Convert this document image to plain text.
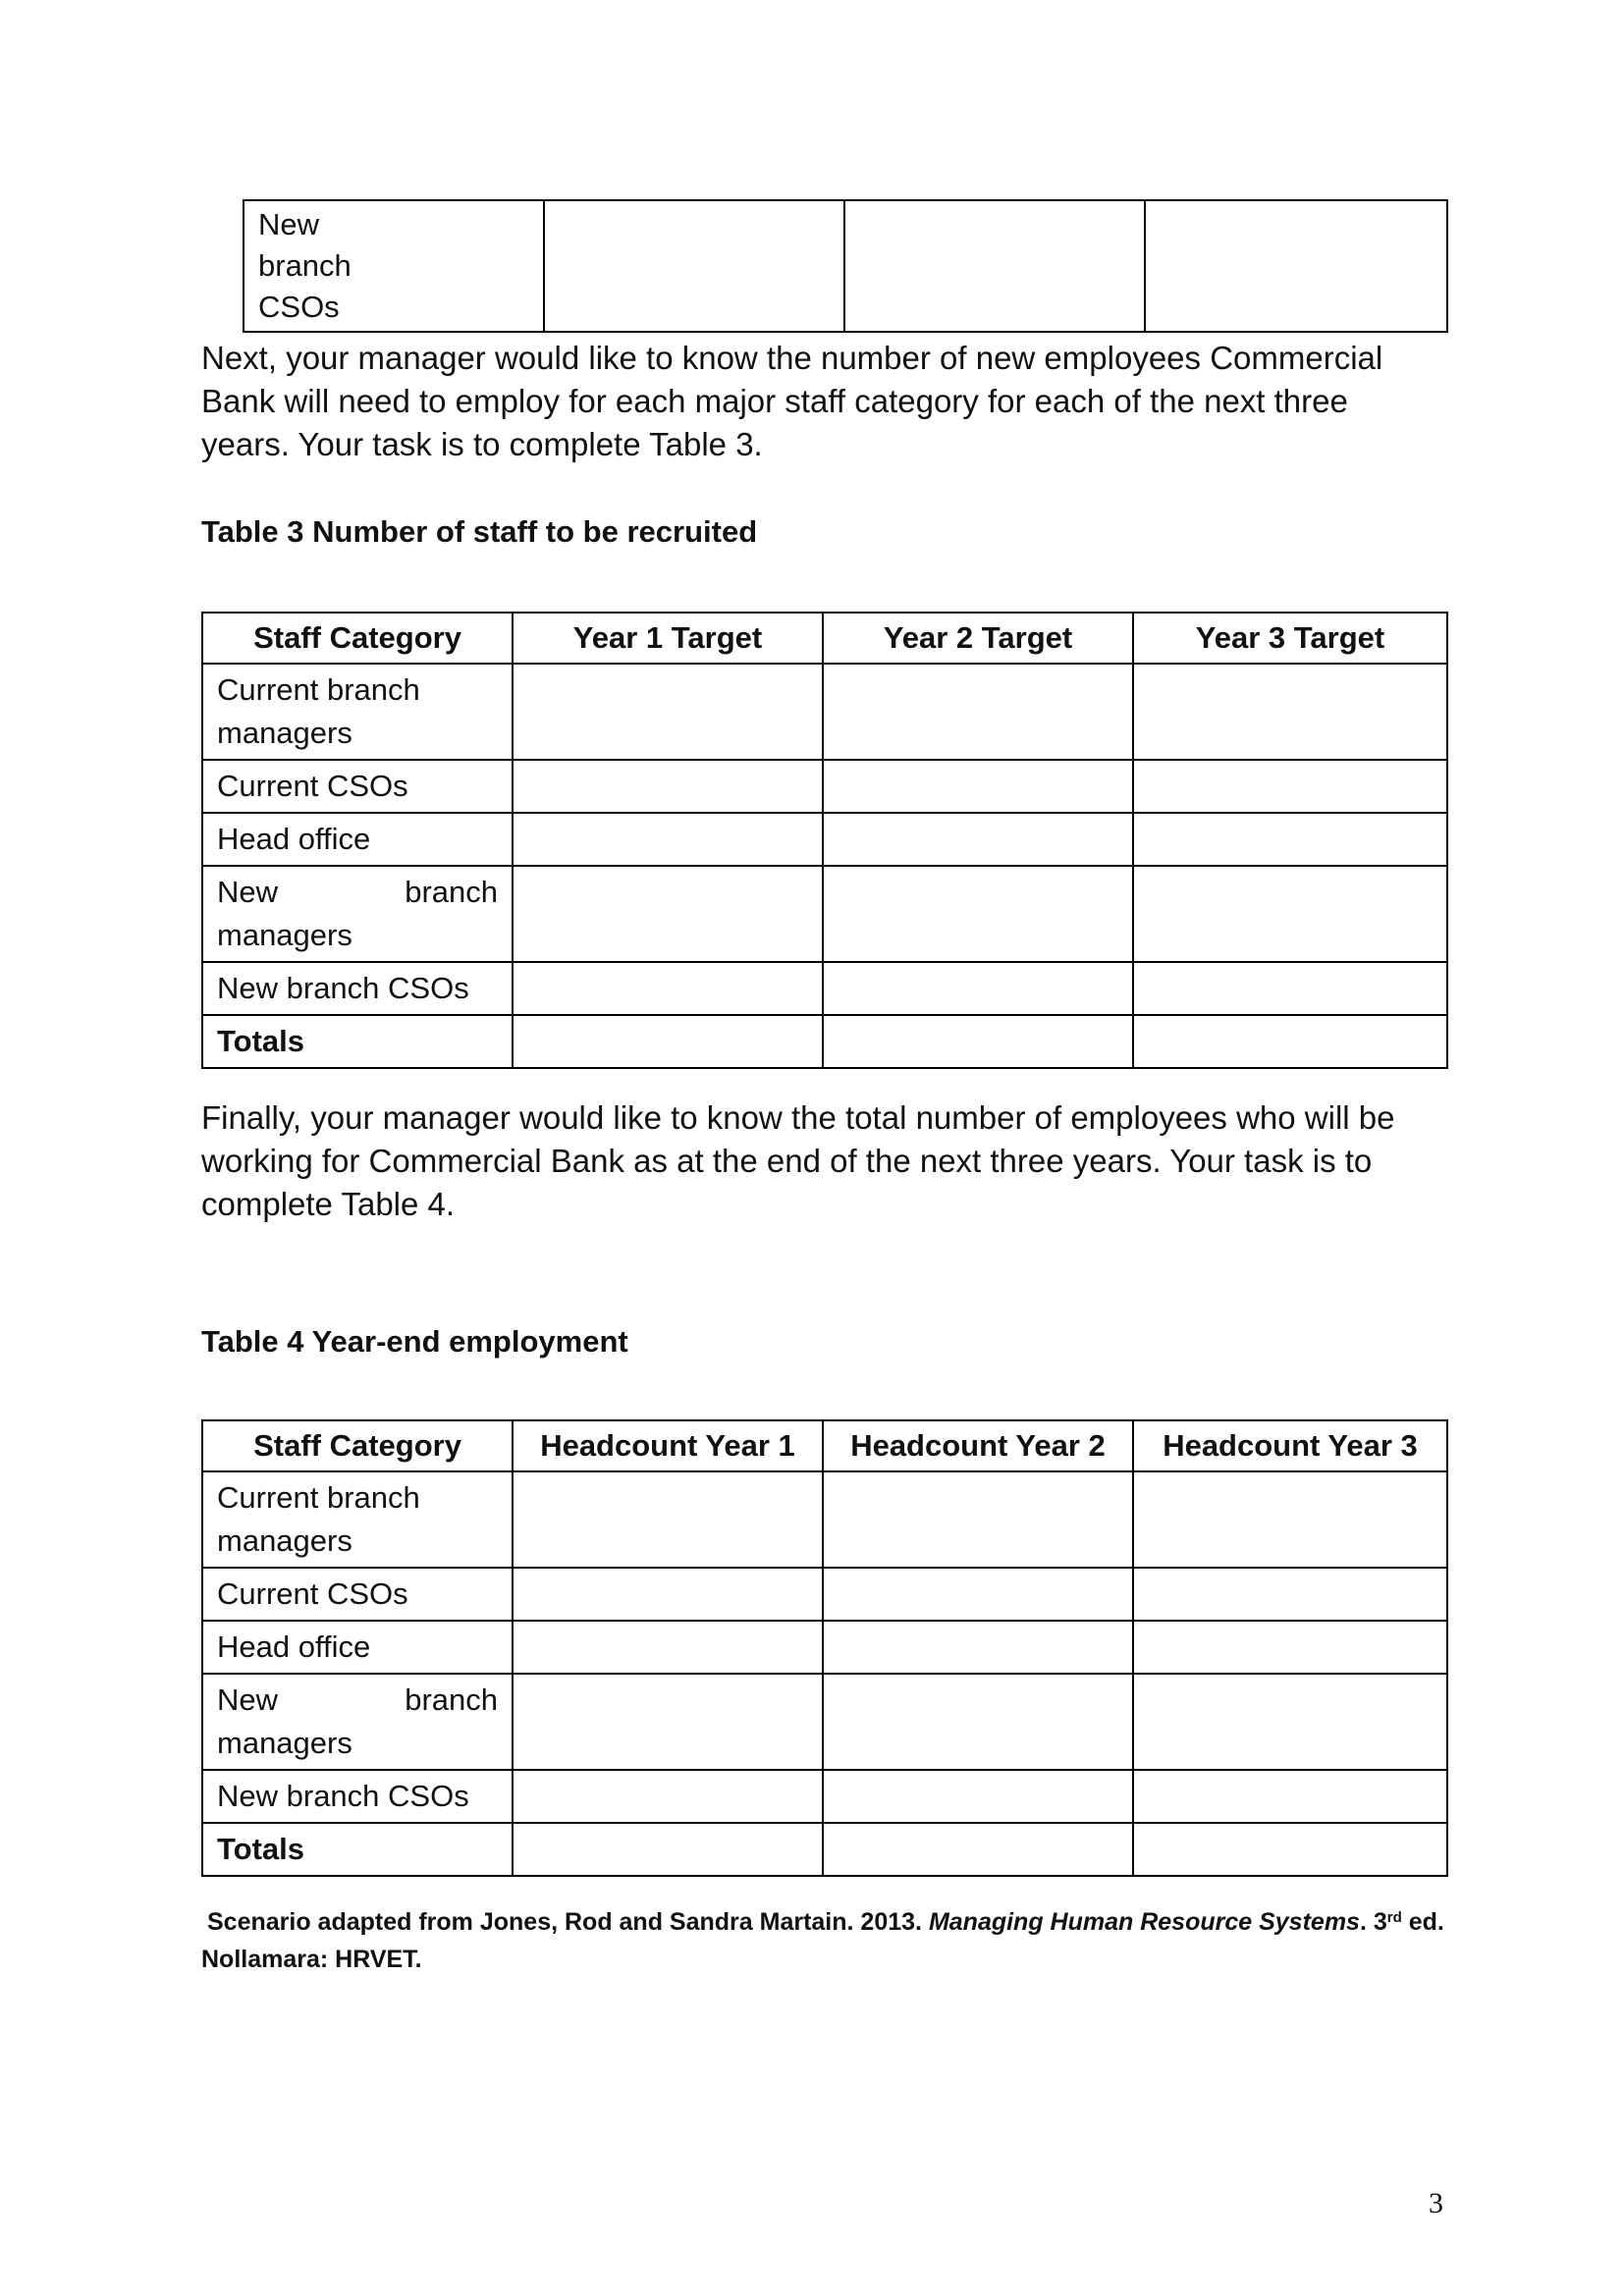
New branch CSOs

Next, your manager would like to know the number of new employees Commercial Bank will need to employ for each major staff category for each of the next three years. Your task is to complete Table 3.
Table 3 Number of staff to be recruited
Staff Category	Year 1 Target	Year 2 Target	Year 3 Target
Current branch managers			
Current CSOs			
Head office			

New branch
managers			

New branch CSOs			
Totals			
Finally, your manager would like to know the total number of employees who will be working for Commercial Bank as at the end of the next three years. Your task is to complete Table 4.
Table 4 Year-end employment
Staff Category	Headcount Year 1	Headcount Year 2	Headcount Year 3
Current branch managers			
Current CSOs			
Head office			

New branch
managers			

New branch CSOs			
Totals			
Scenario adapted from Jones, Rod and Sandra Martain. 2013. Managing Human Resource Systems. 3rd ed.
Nollamara: HRVET.
3
